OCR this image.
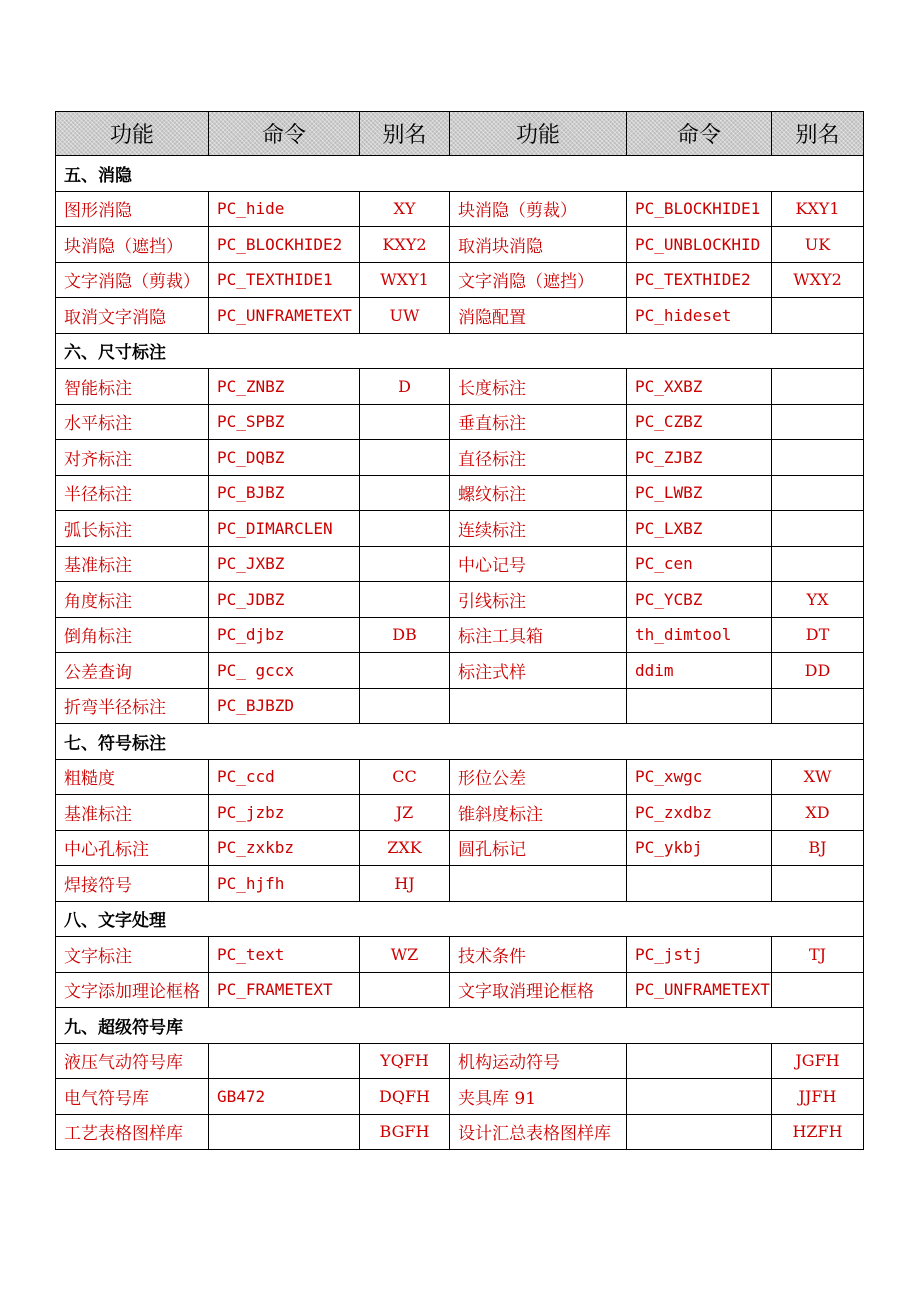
功能	命令	别名	功能	命令	别名
五、消隐					
图形消隐	PC_hide	XY	块消隐（剪裁）	PC_BLOCKHIDE1	KXY1
块消隐（遮挡）	PC_BLOCKHIDE2	KXY2	取消块消隐	PC_UNBLOCKHID	UK
文字消隐（剪裁）	PC_TEXTHIDE1	WXY1	文字消隐（遮挡）	PC_TEXTHIDE2	WXY2
取消文字消隐	PC_UNFRAMETEXT	UW	消隐配置	PC_hideset	
六、尺寸标注					
智能标注	PC_ZNBZ	D	长度标注	PC_XXBZ	
水平标注	PC_SPBZ		垂直标注	PC_CZBZ	
对齐标注	PC_DQBZ		直径标注	PC_ZJBZ	
半径标注	PC_BJBZ		螺纹标注	PC_LWBZ	
弧长标注	PC_DIMARCLEN		连续标注	PC_LXBZ	
基准标注	PC_JXBZ		中心记号	PC_cen	
角度标注	PC_JDBZ		引线标注	PC_YCBZ	YX
倒角标注	PC_djbz	DB	标注工具箱	th_dimtool	DT
公差查询	PC_ gccx		标注式样	ddim	DD
折弯半径标注	PC_BJBZD				
七、符号标注					
粗糙度	PC_ccd	CC	形位公差	PC_xwgc	XW
基准标注	PC_jzbz	JZ	锥斜度标注	PC_zxdbz	XD
中心孔标注	PC_zxkbz	ZXK	圆孔标记	PC_ykbj	BJ
焊接符号	PC_hjfh	HJ			
八、文字处理					
文字标注	PC_text	WZ	技术条件	PC_jstj	TJ
文字添加理论框格	PC_FRAMETEXT		文字取消理论框格	PC_UNFRAMETEXT	
九、超级符号库					
液压气动符号库		YQFH	机构运动符号		JGFH
电气符号库	GB472	DQFH	夹具库 91		JJFH
工艺表格图样库		BGFH	设计汇总表格图样库		HZFH
